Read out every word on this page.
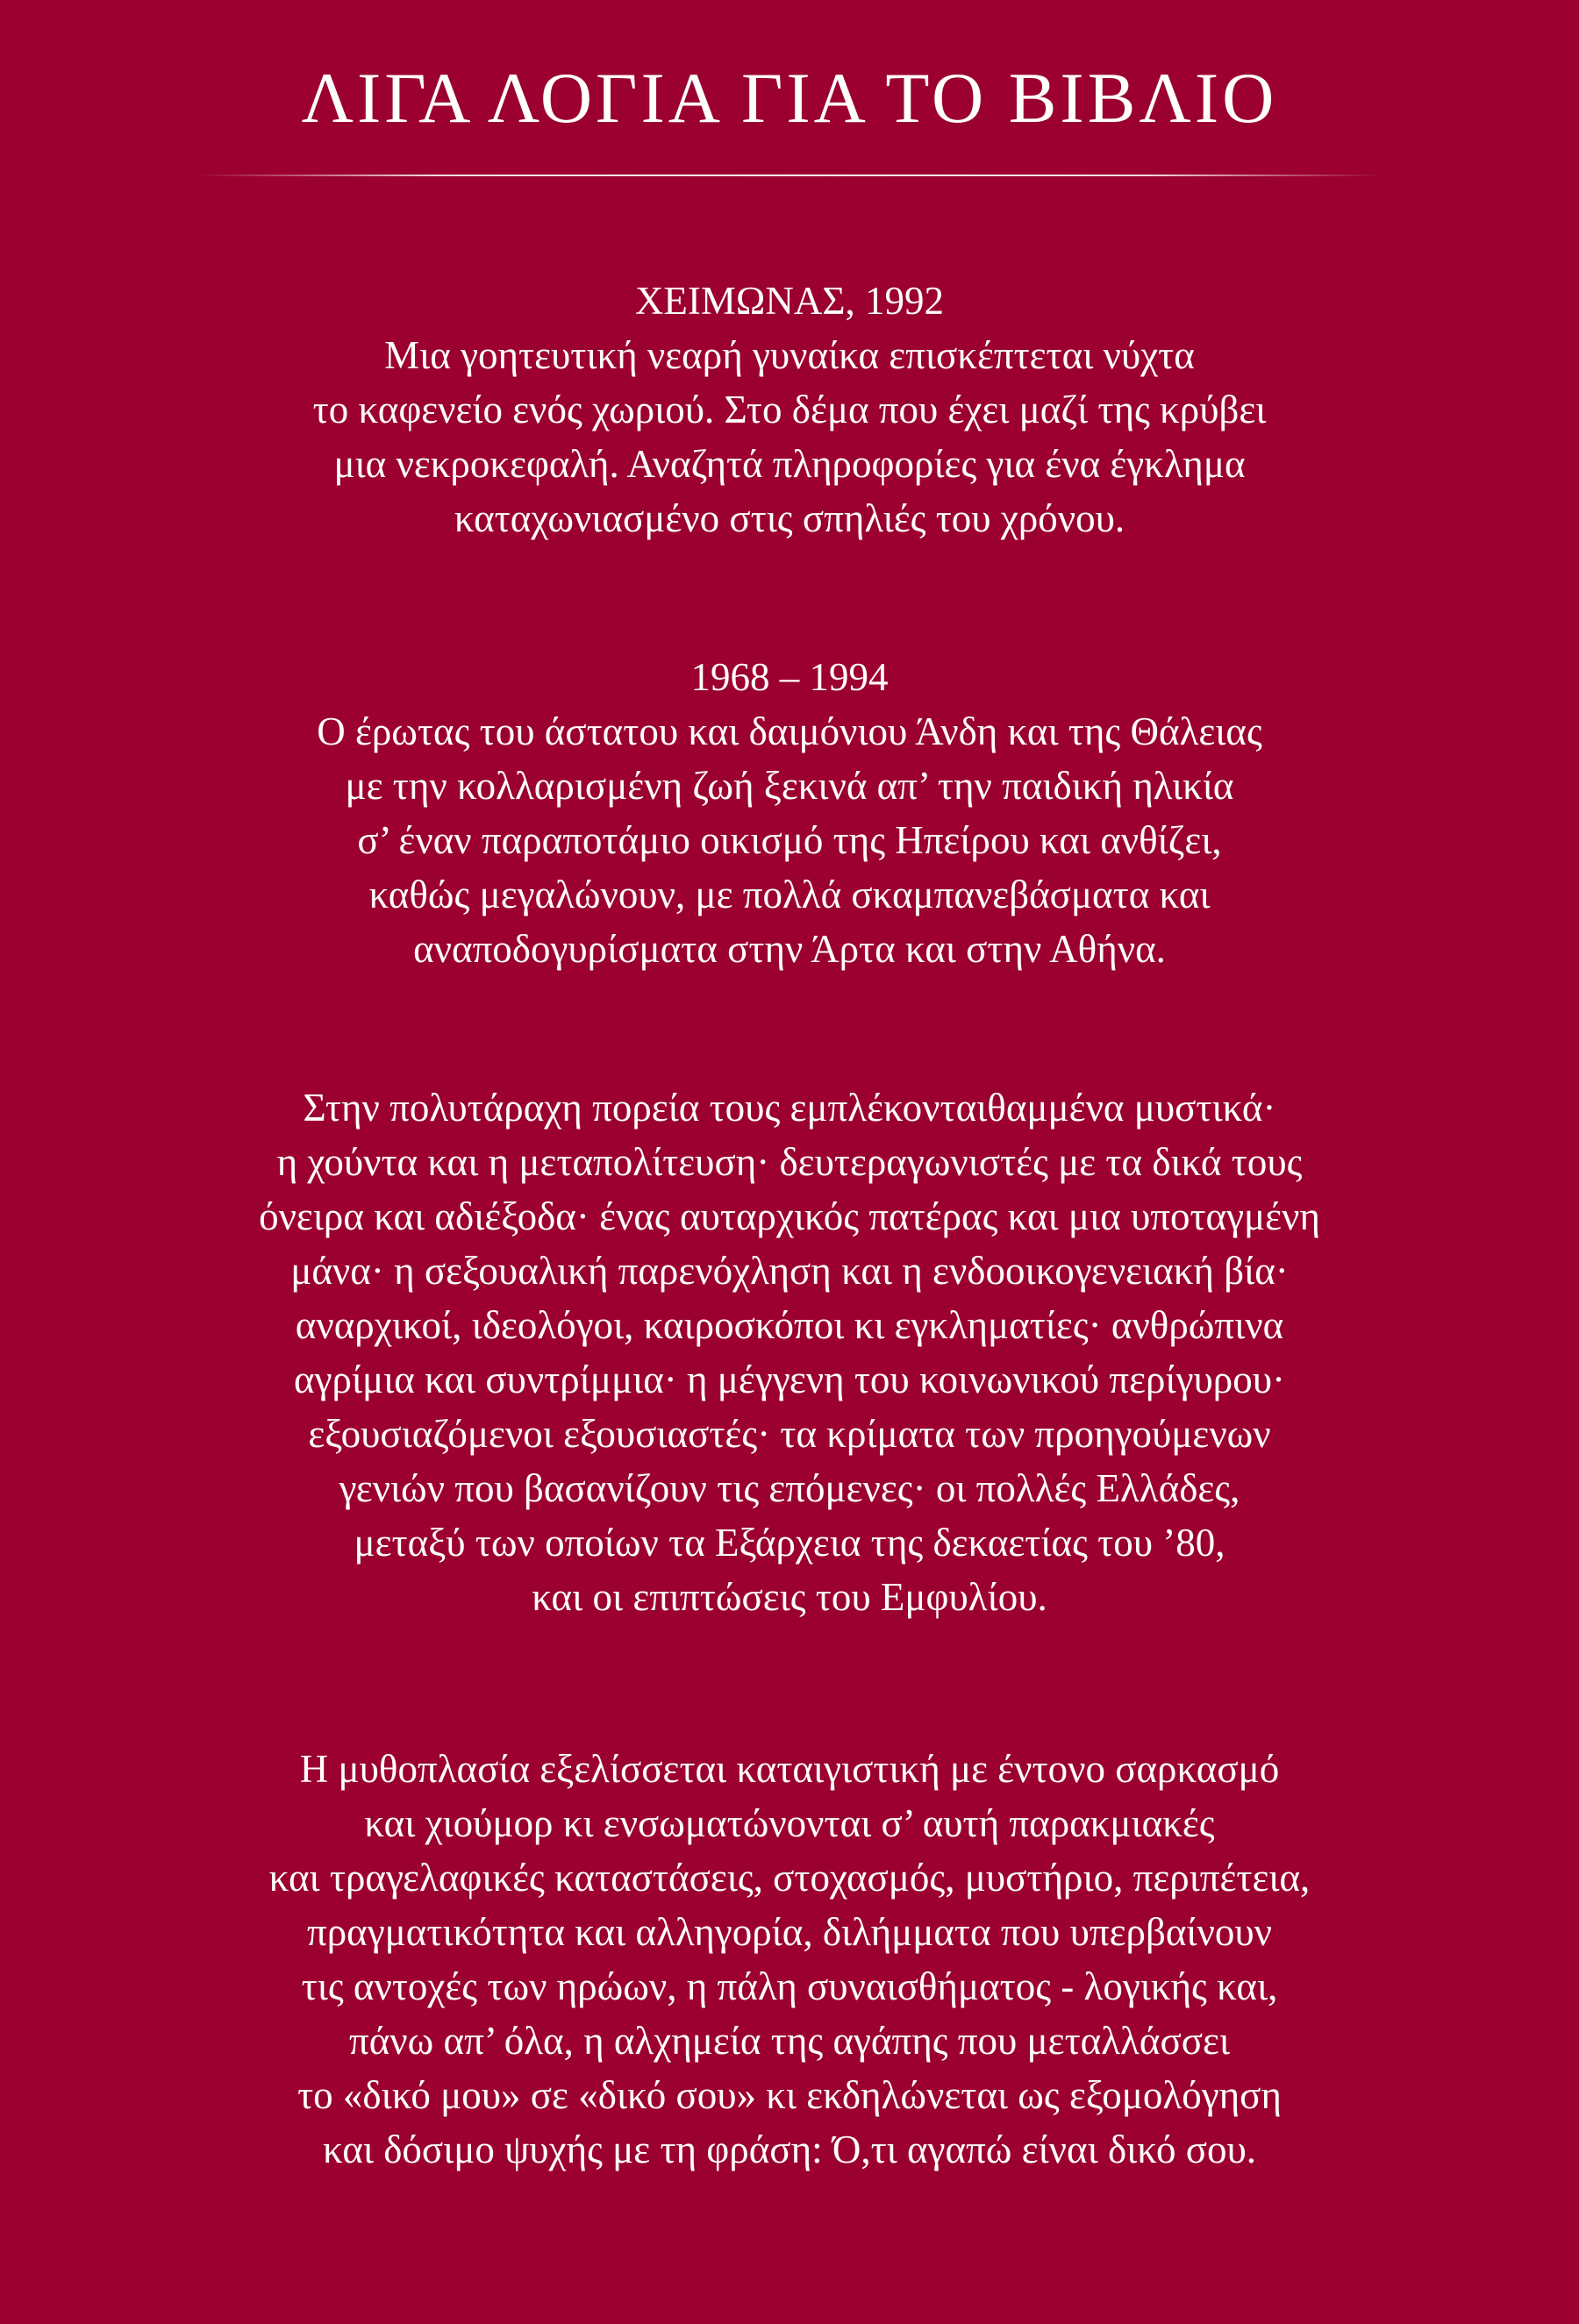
ΛΙΓΑ ΛΟΓΙΑ ΓΙΑ ΤΟ ΒΙΒΛΙΟ

ΧΕΙΜΩΝΑΣ, 1992

Μια γοητευτική νεαρή γυναίκα επισκέπτεται νύχτα

το καφενείο ενός χωριού. Στο δέμα που έχει μαζί της κρύβει

μια νεκροκεφαλή. Αναζητά πληροφορίες για ένα έγκλημα

καταχωνιασμένο στις σπηλιές του χρόνου.

1968 – 1994

Ο έρωτας του άστατου και δαιμόνιου Άνδη και της Θάλειας

με την κολλαρισμένη ζωή ξεκινά απ’ την παιδική ηλικία

σ’ έναν παραποτάμιο οικισμό της Ηπείρου και ανθίζει,

καθώς μεγαλώνουν, με πολλά σκαμπανεβάσματα και

αναποδογυρίσματα στην Άρτα και στην Αθήνα.

Στην πολυτάραχη πορεία τους εμπλέκονταιθαμμένα μυστικά·

η χούντα και η μεταπολίτευση· δευτεραγωνιστές με τα δικά τους

όνειρα και αδιέξοδα· ένας αυταρχικός πατέρας και μια υποταγμένη

μάνα· η σεξουαλική παρενόχληση και η ενδοοικογενειακή βία·

αναρχικοί, ιδεολόγοι, καιροσκόποι κι εγκληματίες· ανθρώπινα

αγρίμια και συντρίμμια· η μέγγενη του κοινωνικού περίγυρου·

εξουσιαζόμενοι εξουσιαστές· τα κρίματα των προηγούμενων

γενιών που βασανίζουν τις επόμενες· οι πολλές Ελλάδες,

μεταξύ των οποίων τα Εξάρχεια της δεκαετίας του ’80,

και οι επιπτώσεις του Εμφυλίου.

Η μυθοπλασία εξελίσσεται καταιγιστική με έντονο σαρκασμό

και χιούμορ κι ενσωματώνονται σ’ αυτή παρακμιακές

και τραγελαφικές καταστάσεις, στοχασμός, μυστήριο, περιπέτεια,

πραγματικότητα και αλληγορία, διλήμματα που υπερβαίνουν

τις αντοχές των ηρώων, η πάλη συναισθήματος - λογικής και,

πάνω απ’ όλα, η αλχημεία της αγάπης που μεταλλάσσει

το «δικό μου» σε «δικό σου» κι εκδηλώνεται ως εξομολόγηση

και δόσιμο ψυχής με τη φράση: Ό,τι αγαπώ είναι δικό σου.
